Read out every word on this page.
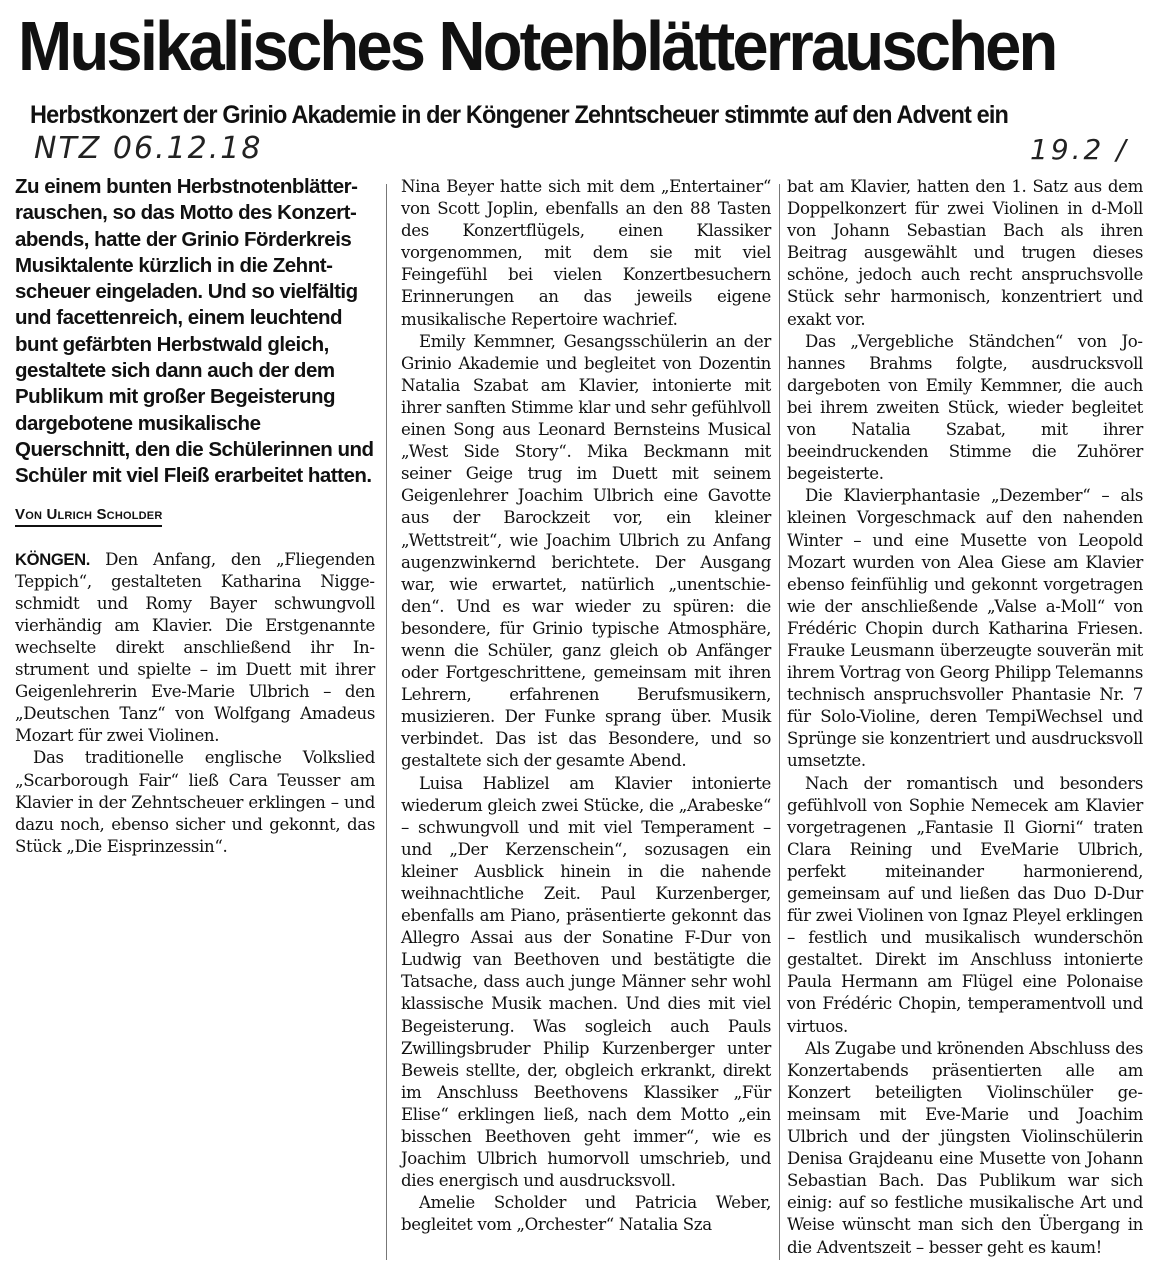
Musikalisches Notenblätterrauschen
Herbstkonzert der Grinio Akademie in der Köngener Zehntscheuer stimmte auf den Advent ein
NTZ 06.12.18	19.2 /

Zu einem bunten Herbstnotenblätterrauschen, so das Motto des Konzertabends, hatte der Grinio Förderkreis Musiktalente kürzlich in die Zehntscheuer eingeladen. Und so vielfältig und facettenreich, einem leuchtend bunt gefärbten Herbstwald gleich, gestaltete sich dann auch der dem Publikum mit großer Begeisterung dargebotene musikalische Querschnitt, den die Schülerinnen und Schüler mit viel Fleiß erarbeitet hatten.

Von Ulrich Scholder

KÖNGEN. Den Anfang, den „Fliegenden Teppich“, gestalteten Katharina Niggeschmidt und Romy Bayer schwungvoll vierhändig am Klavier. Die Erstgenannte wechselte direkt anschließend ihr Instrument und spielte – im Duett mit ihrer Geigenlehrerin Eve-Marie Ulbrich – den „Deutschen Tanz“ von Wolfgang Amadeus Mozart für zwei Violinen.

Das traditionelle englische Volkslied „Scarborough Fair“ ließ Cara Teusser am Klavier in der Zehntscheuer erklingen – und dazu noch, ebenso sicher und gekonnt, das Stück „Die Eisprinzessin“.

Nina Beyer hatte sich mit dem „Entertainer“ von Scott Joplin, ebenfalls an den 88 Tasten des Konzertflügels, einen Klassiker vorgenommen, mit dem sie mit viel Feingefühl bei vielen Konzertbesuchern Erinnerungen an das jeweils eigene musikalische Repertoire wachrief.

Emily Kemmner, Gesangsschülerin an der Grinio Akademie und begleitet von Dozentin Natalia Szabat am Klavier, intonierte mit ihrer sanften Stimme klar und sehr gefühlvoll einen Song aus Leonard Bernsteins Musical „West Side Story“. Mika Beckmann mit seiner Geige trug im Duett mit seinem Geigenlehrer Joachim Ulbrich eine Gavotte aus der Barockzeit vor, ein kleiner „Wettstreit“, wie Joachim Ulbrich zu Anfang augenzwinkernd berichtete. Der Ausgang war, wie erwartet, natürlich „unentschieden“. Und es war wieder zu spüren: die besondere, für Grinio typische Atmosphäre, wenn die Schüler, ganz gleich ob Anfänger oder Fortgeschrittene, gemeinsam mit ihren Lehrern, erfahrenen Berufsmusikern, musizieren. Der Funke sprang über. Musik verbindet. Das ist das Besondere, und so gestaltete sich der gesamte Abend.

Luisa Hablizel am Klavier intonierte wiederum gleich zwei Stücke, die „Arabeske“ – schwungvoll und mit viel Temperament – und „Der Kerzenschein“, sozusagen ein kleiner Ausblick hinein in die nahende weihnachtliche Zeit. Paul Kurzenberger, ebenfalls am Piano, präsentierte gekonnt das Allegro Assai aus der Sonatine F-Dur von Ludwig van Beethoven und bestätigte die Tatsache, dass auch junge Männer sehr wohl klassische Musik machen. Und dies mit viel Begeisterung. Was sogleich auch Pauls Zwillingsbruder Philip Kurzenberger unter Beweis stellte, der, obgleich erkrankt, direkt im Anschluss Beethovens Klassiker „Für Elise“ erklingen ließ, nach dem Motto „ein bisschen Beethoven geht immer“, wie es Joachim Ulbrich humorvoll umschrieb, und dies energisch und ausdrucksvoll.

Amelie Scholder und Patricia Weber, begleitet vom „Orchester“ Natalia Sza

bat am Klavier, hatten den 1. Satz aus dem Doppelkonzert für zwei Violinen in d-Moll von Johann Sebastian Bach als ihren Beitrag ausgewählt und trugen dieses schöne, jedoch auch recht anspruchsvolle Stück sehr harmonisch, konzentriert und exakt vor.

Das „Vergebliche Ständchen“ von Johannes Brahms folgte, ausdrucksvoll dargeboten von Emily Kemmner, die auch bei ihrem zweiten Stück, wieder begleitet von Natalia Szabat, mit ihrer beeindruckenden Stimme die Zuhörer begeisterte.

Die Klavierphantasie „Dezember“ – als kleinen Vorgeschmack auf den nahenden Winter – und eine Musette von Leopold Mozart wurden von Alea Giese am Klavier ebenso feinfühlig und gekonnt vorgetragen wie der anschließende „Valse a-Moll“ von Frédéric Chopin durch Katharina Friesen. Frauke Leusmann überzeugte souverän mit ihrem Vortrag von Georg Philipp Telemanns technisch anspruchsvoller Phantasie Nr. 7 für Solo-Violine, deren TempiWechsel und Sprünge sie konzentriert und ausdrucksvoll umsetzte.

Nach der romantisch und besonders gefühlvoll von Sophie Nemecek am Klavier vorgetragenen „Fantasie Il Giorni“ traten Clara Reining und EveMarie Ulbrich, perfekt miteinander harmonierend, gemeinsam auf und ließen das Duo D-Dur für zwei Violinen von Ignaz Pleyel erklingen – festlich und musikalisch wunderschön gestaltet. Direkt im Anschluss intonierte Paula Hermann am Flügel eine Polonaise von Frédéric Chopin, temperamentvoll und virtuos.

Als Zugabe und krönenden Abschluss des Konzertabends präsentierten alle am Konzert beteiligten Violinschüler gemeinsam mit Eve-Marie und Joachim Ulbrich und der jüngsten Violinschülerin Denisa Grajdeanu eine Musette von Johann Sebastian Bach. Das Publikum war sich einig: auf so festliche musikalische Art und Weise wünscht man sich den Übergang in die Adventszeit – besser geht es kaum!
